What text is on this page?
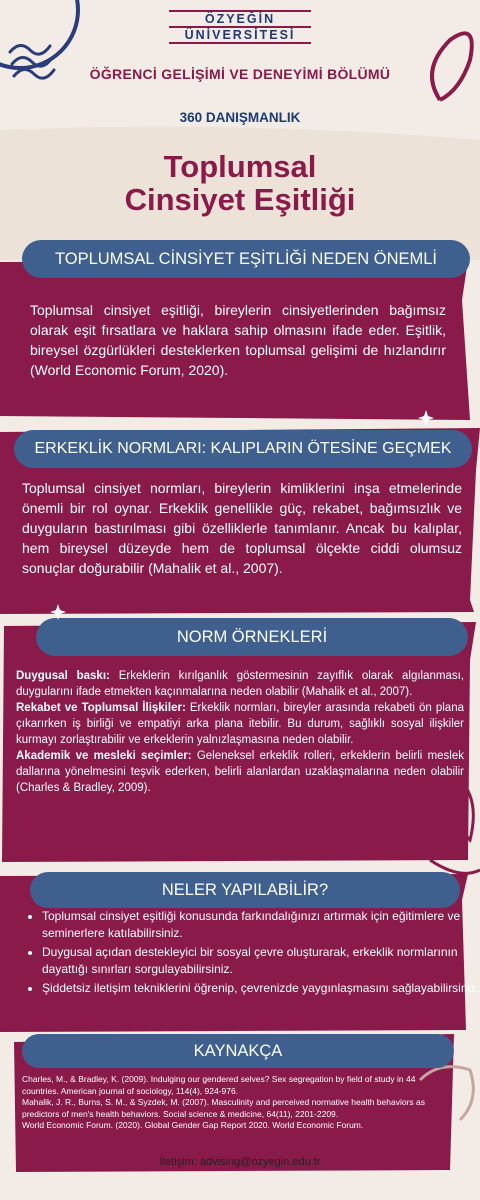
ÖZYEĞİN
ÜNİVERSİTESİ
ÖĞRENCİ GELİŞİMİ VE DENEYİMİ BÖLÜMÜ
360 DANIŞMANLIK
Toplumsal
Cinsiyet Eşitliği
TOPLUMSAL CİNSİYET EŞİTLİĞİ NEDEN ÖNEMLİ
Toplumsal cinsiyet eşitliği, bireylerin cinsiyetlerinden bağımsız olarak eşit fırsatlara ve haklara sahip olmasını ifade eder. Eşitlik, bireysel özgürlükleri desteklerken toplumsal gelişimi de hızlandırır (World Economic Forum, 2020).
ERKEKLİK NORMLARI: KALIPLARIN ÖTESİNE GEÇMEK
Toplumsal cinsiyet normları, bireylerin kimliklerini inşa etmelerinde önemli bir rol oynar. Erkeklik genellikle güç, rekabet, bağımsızlık ve duyguların bastırılması gibi özelliklerle tanımlanır. Ancak bu kalıplar, hem bireysel düzeyde hem de toplumsal ölçekte ciddi olumsuz sonuçlar doğurabilir (Mahalik et al., 2007).
NORM ÖRNEKLERİ
Duygusal baskı: Erkeklerin kırılganlık göstermesinin zayıflık olarak algılanması, duygularını ifade etmekten kaçınmalarına neden olabilir (Mahalik et al., 2007).
Rekabet ve Toplumsal İlişkiler: Erkeklik normları, bireyler arasında rekabeti ön plana çıkarırken iş birliği ve empatiyi arka plana itebilir. Bu durum, sağlıklı sosyal ilişkiler kurmayı zorlaştırabilir ve erkeklerin yalnızlaşmasına neden olabilir.
Akademik ve mesleki seçimler: Geleneksel erkeklik rolleri, erkeklerin belirli meslek dallarına yönelmesini teşvik ederken, belirli alanlardan uzaklaşmalarına neden olabilir (Charles & Bradley, 2009).
NELER YAPILABİLİR?
• Toplumsal cinsiyet eşitliği konusunda farkındalığınızı artırmak için eğitimlere ve seminerlere katılabilirsiniz.
• Duygusal açıdan destekleyici bir sosyal çevre oluşturarak, erkeklik normlarının dayattığı sınırları sorgulayabilirsiniz.
• Şiddetsiz iletişim tekniklerini öğrenip, çevrenizde yaygınlaşmasını sağlayabilirsiniz.
KAYNAKÇA

Charles, M., & Bradley, K. (2009). Indulging our gendered selves? Sex segregation by field of study in 44 countries. American journal of sociology, 114(4), 924-976.

Mahalik, J. R., Burns, S. M., & Syzdek, M. (2007). Masculinity and perceived normative health behaviors as predictors of men's health behaviors. Social science & medicine, 64(11), 2201-2209.

World Economic Forum. (2020). Global Gender Gap Report 2020. World Economic Forum.

İletişim: advising@ozyegin.edu.tr
